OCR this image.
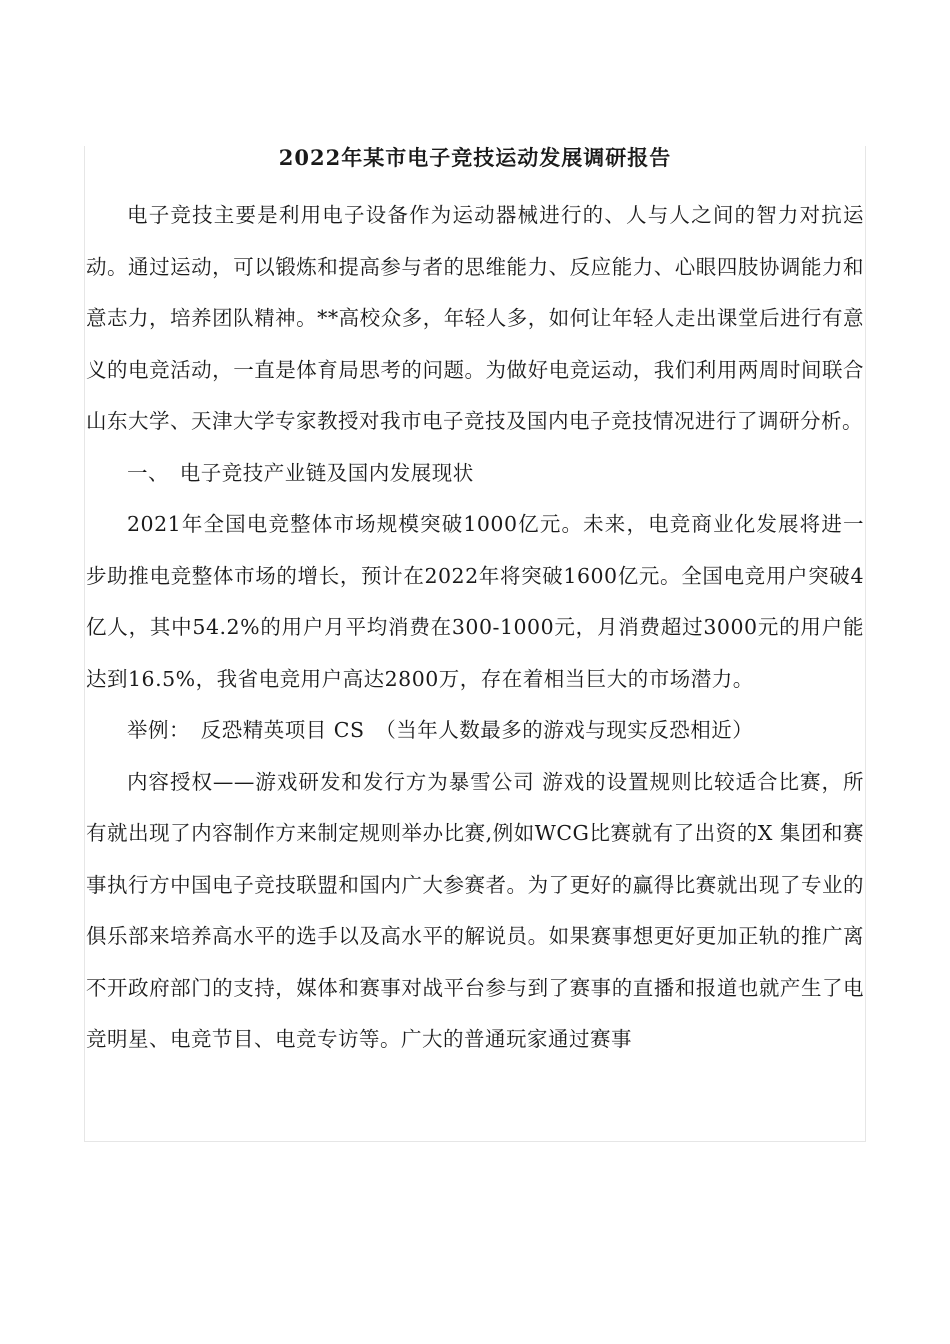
2022年某市电子竞技运动发展调研报告

电子竞技主要是利用电子设备作为运动器械进行的、人与人之间的智力对抗运动。通过运动，可以锻炼和提高参与者的思维能力、反应能力、心眼四肢协调能力和意志力，培养团队精神。**高校众多，年轻人多，如何让年轻人走出课堂后进行有意义的电竞活动，一直是体育局思考的问题。为做好电竞运动，我们利用两周时间联合山东大学、天津大学专家教授对我市电子竞技及国内电子竞技情况进行了调研分析。

一、　电子竞技产业链及国内发展现状

2021年全国电竞整体市场规模突破1000亿元。未来，电竞商业化发展将进一步助推电竞整体市场的增长，预计在2022年将突破1600亿元。全国电竞用户突破4亿人，其中54.2%的用户月平均消费在300-1000元，月消费超过3000元的用户能达到16.5%，我省电竞用户高达2800万，存在着相当巨大的市场潜力。

举例：　反恐精英项目 CS　（当年人数最多的游戏与现实反恐相近）

内容授权——游戏研发和发行方为暴雪公司 游戏的设置规则比较适合比赛，所有就出现了内容制作方来制定规则举办比赛,例如WCG比赛就有了出资的X 集团和赛事执行方中国电子竞技联盟和国内广大参赛者。为了更好的赢得比赛就出现了专业的俱乐部来培养高水平的选手以及高水平的解说员。如果赛事想更好更加正轨的推广离不开政府部门的支持，媒体和赛事对战平台参与到了赛事的直播和报道也就产生了电竞明星、电竞节目、电竞专访等。广大的普通玩家通过赛事
